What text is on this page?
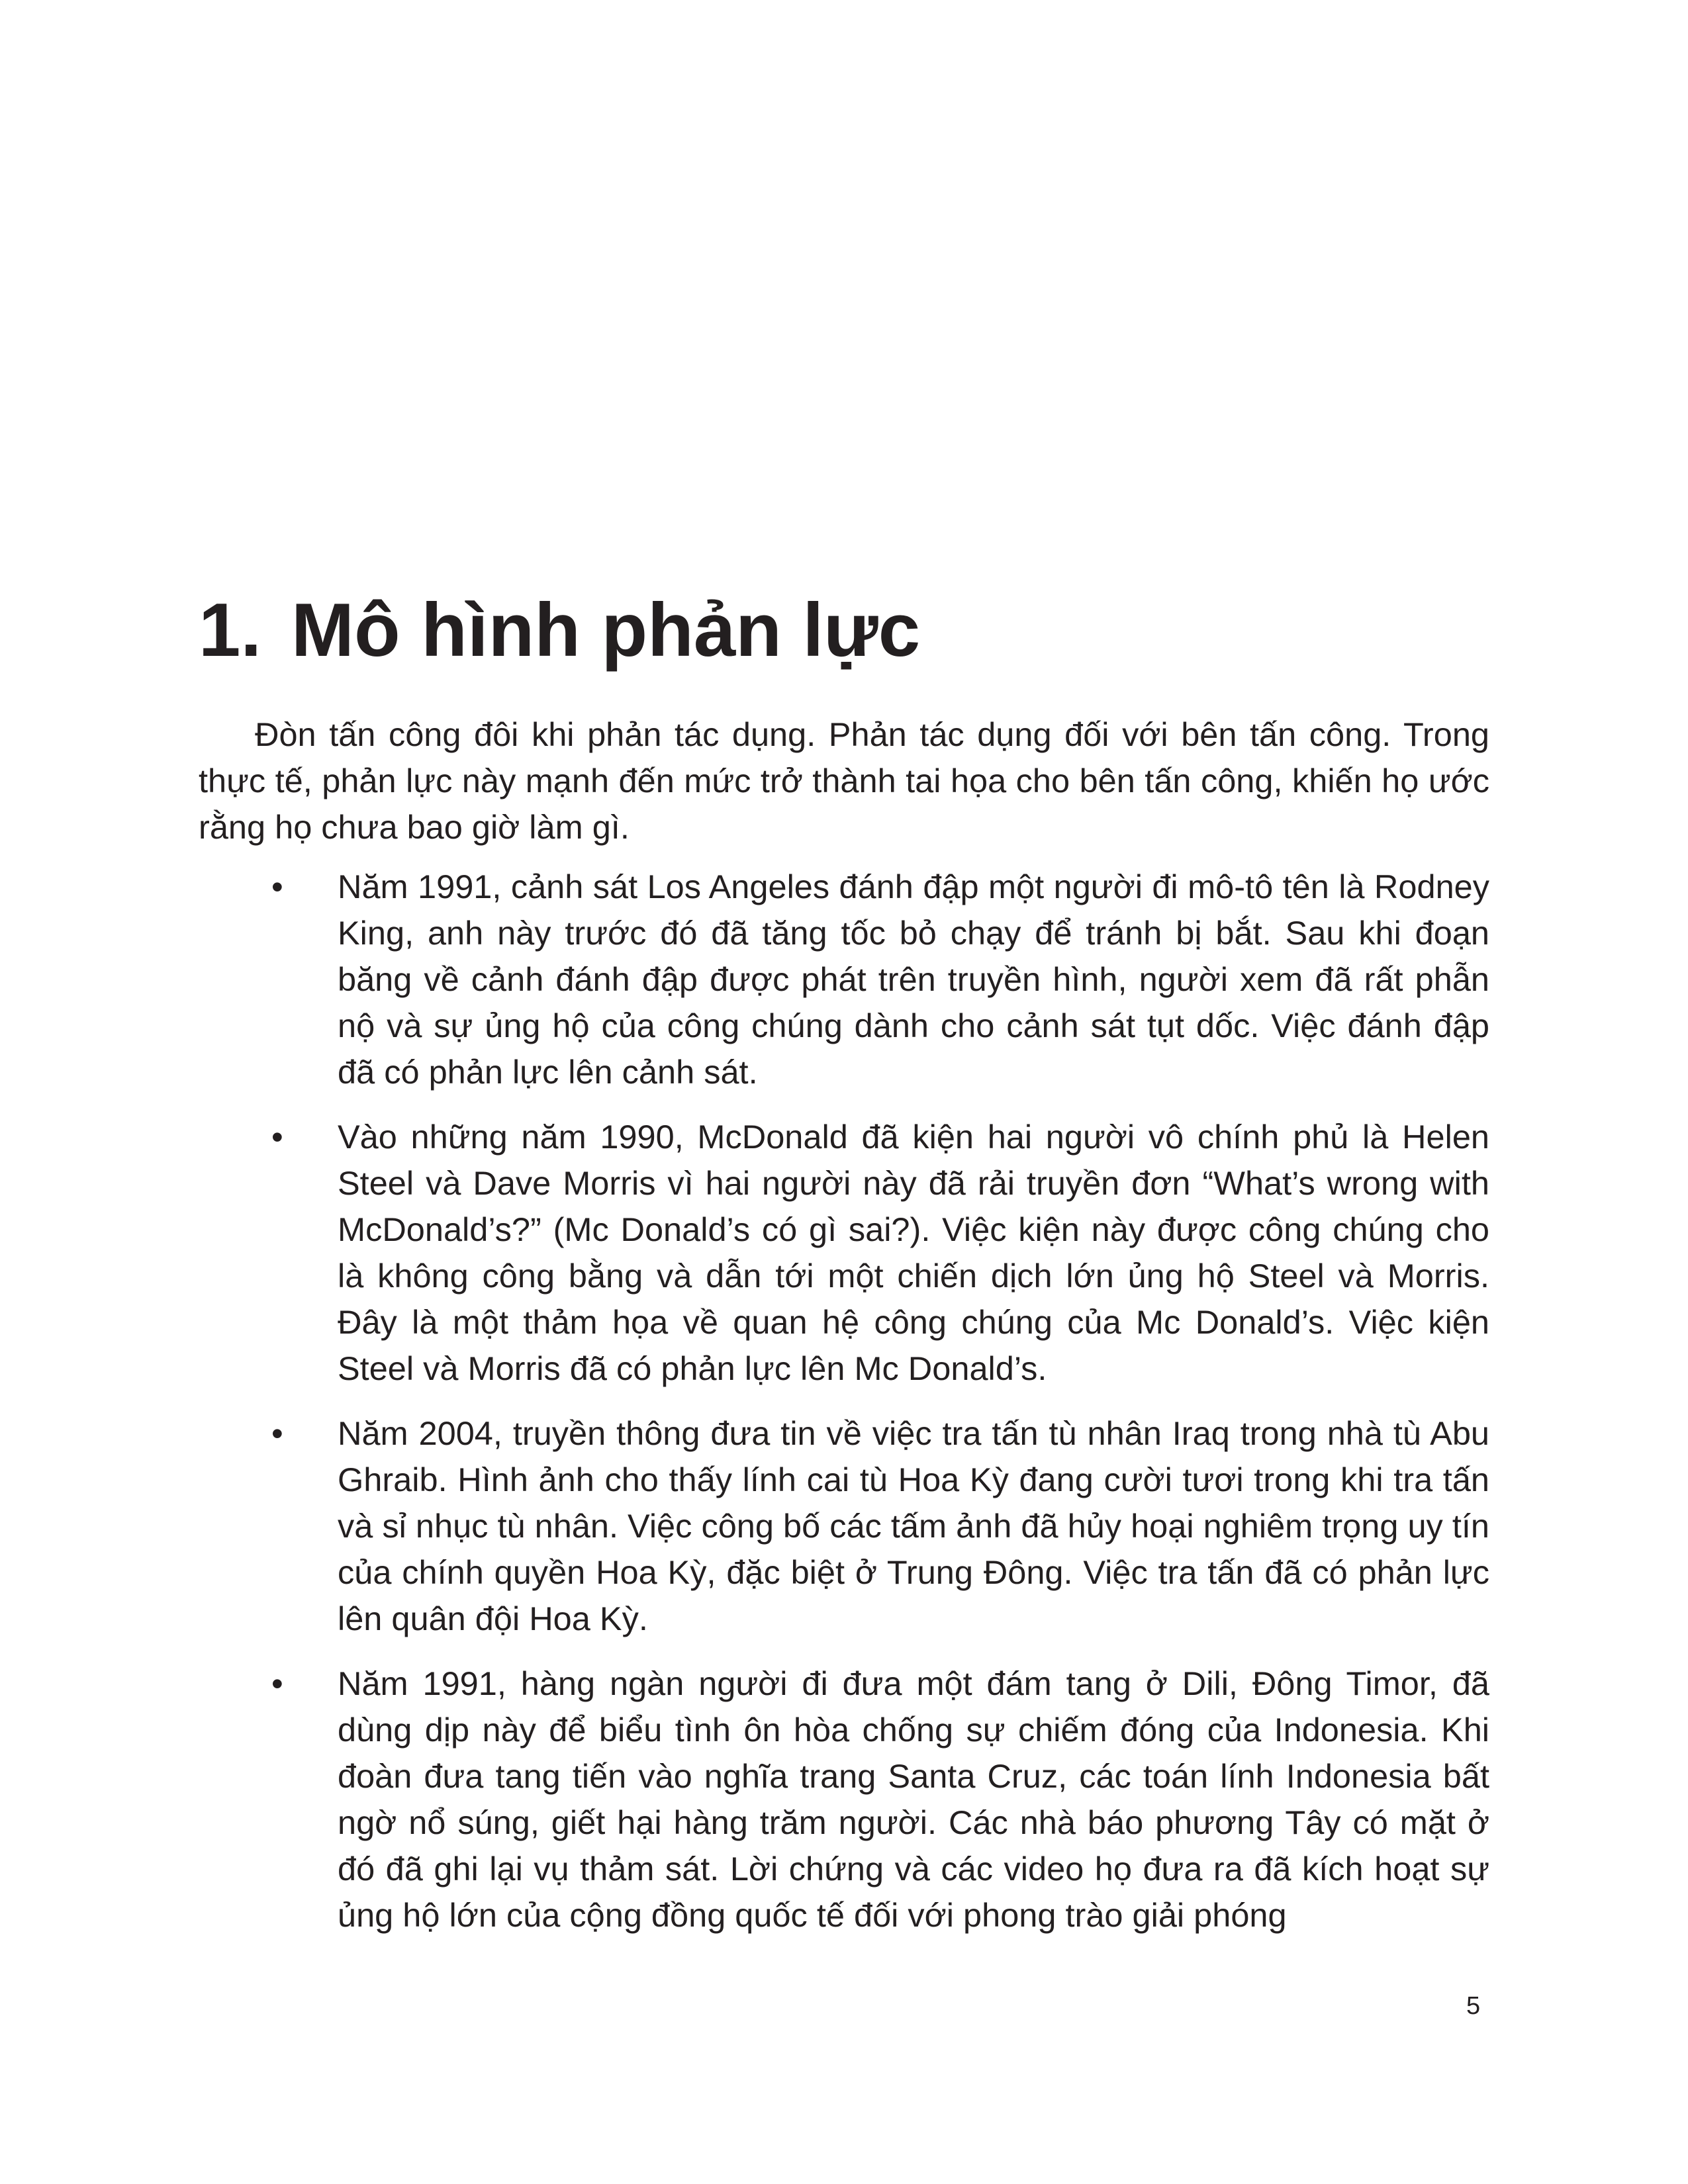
1. Mô hình phản lực

Đòn tấn công đôi khi phản tác dụng. Phản tác dụng đối với bên tấn công. Trong thực tế, phản lực này mạnh đến mức trở thành tai họa cho bên tấn công, khiến họ ước rằng họ chưa bao giờ làm gì.

• Năm 1991, cảnh sát Los Angeles đánh đập một người đi mô-tô tên là Rodney King, anh này trước đó đã tăng tốc bỏ chạy để tránh bị bắt. Sau khi đoạn băng về cảnh đánh đập được phát trên truyền hình, người xem đã rất phẫn nộ và sự ủng hộ của công chúng dành cho cảnh sát tụt dốc. Việc đánh đập đã có phản lực lên cảnh sát.
• Vào những năm 1990, McDonald đã kiện hai người vô chính phủ là Helen Steel và Dave Morris vì hai người này đã rải truyền đơn “What’s wrong with McDonald’s?” (Mc Donald’s có gì sai?). Việc kiện này được công chúng cho là không công bằng và dẫn tới một chiến dịch lớn ủng hộ Steel và Morris. Đây là một thảm họa về quan hệ công chúng của Mc Donald’s. Việc kiện Steel và Morris đã có phản lực lên Mc Donald’s.
• Năm 2004, truyền thông đưa tin về việc tra tấn tù nhân Iraq trong nhà tù Abu Ghraib. Hình ảnh cho thấy lính cai tù Hoa Kỳ đang cười tươi trong khi tra tấn và sỉ nhục tù nhân. Việc công bố các tấm ảnh đã hủy hoại nghiêm trọng uy tín của chính quyền Hoa Kỳ, đặc biệt ở Trung Đông. Việc tra tấn đã có phản lực lên quân đội Hoa Kỳ.
• Năm 1991, hàng ngàn người đi đưa một đám tang ở Dili, Đông Timor, đã dùng dịp này để biểu tình ôn hòa chống sự chiếm đóng của Indonesia. Khi đoàn đưa tang tiến vào nghĩa trang Santa Cruz, các toán lính Indonesia bất ngờ nổ súng, giết hại hàng trăm người. Các nhà báo phương Tây có mặt ở đó đã ghi lại vụ thảm sát. Lời chứng và các video họ đưa ra đã kích hoạt sự ủng hộ lớn của cộng đồng quốc tế đối với phong trào giải phóng
5
